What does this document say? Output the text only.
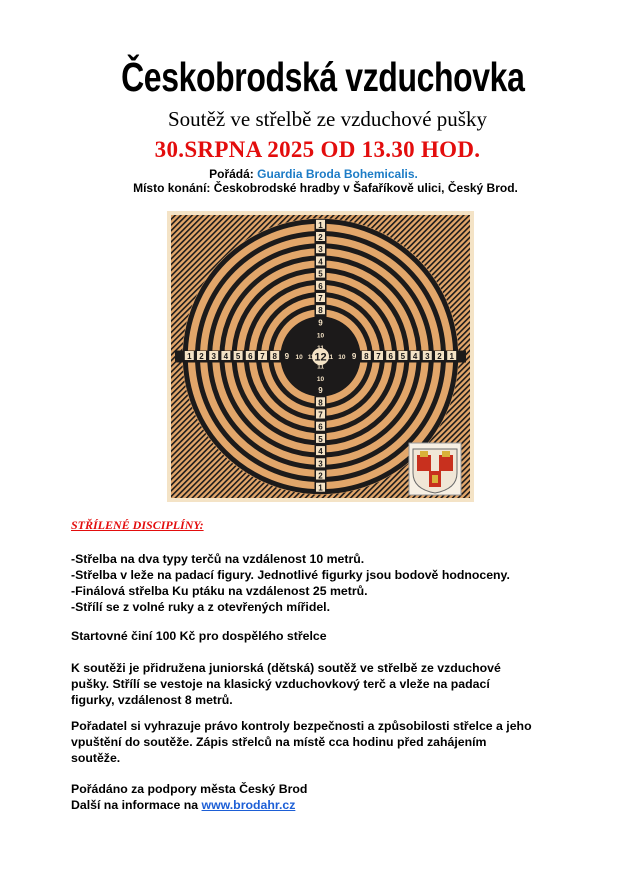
Českobrodská vzduchovka
Soutěž ve střelbě ze vzduchové pušky
30.SRPNA 2025 OD 13.30 HOD.
Pořádá: Guardia Broda Bohemicalis.
Místo konání: Českobrodské hradby v Šafaříkově ulici, Český Brod.
1
11
1	11
2
10
2	10
3
9
3	9
4
8
4	8
5
7
5	7
6
6
6	6
7
5
7	5
8
4
8	4
9
3
9	3
10
2
10	2
11
1
11	1
12
STŘÍLENÉ DISCIPLÍNY:
-Střelba na dva typy terčů na vzdálenost 10 metrů.
-Střelba v leže na padací figury. Jednotlivé figurky jsou bodově hodnoceny.
-Finálová střelba Ku ptáku na vzdálenost 25 metrů.
-Střílí se z volné ruky a z otevřených mířidel.
Startovné činí 100 Kč pro dospělého střelce
K soutěži je přidružena juniorská (dětská) soutěž ve střelbě ze vzduchové
pušky. Střílí se vestoje na klasický vzduchovkový terč a vleže na padací
figurky, vzdálenost 8 metrů.
Pořadatel si vyhrazuje právo kontroly bezpečnosti a způsobilosti střelce a jeho
vpuštění do soutěže. Zápis střelců na místě cca hodinu před zahájením
soutěže.
Pořádáno za podpory města Český Brod
Další na informace na www.brodahr.cz
